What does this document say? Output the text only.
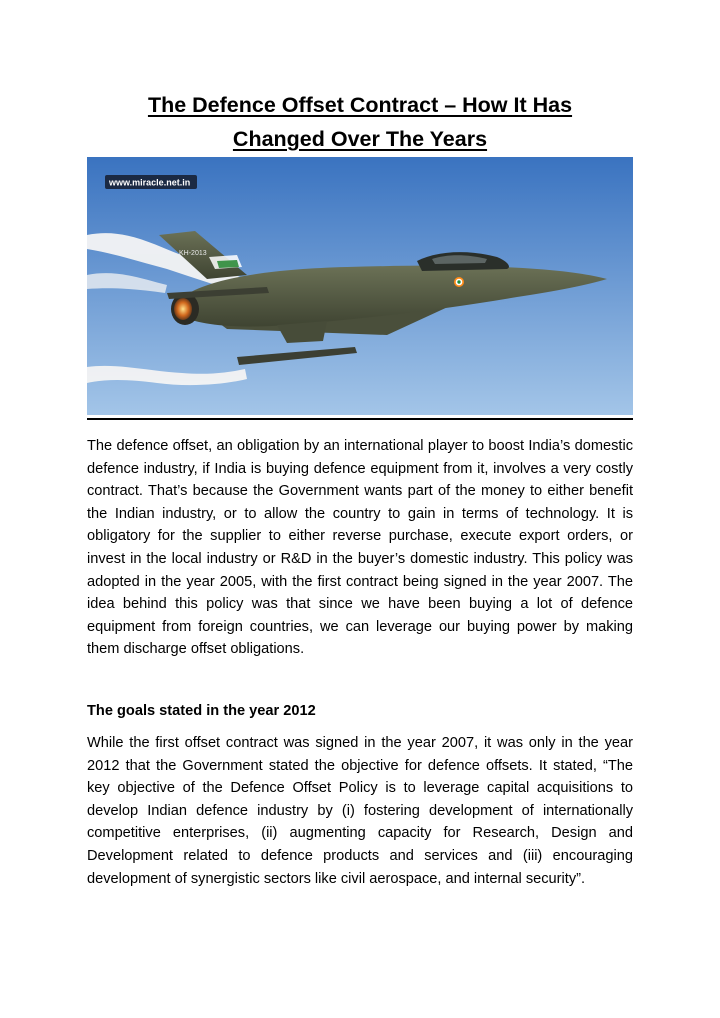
The Defence Offset Contract – How It Has
Changed Over The Years
www.miracle.net.in
KH-2013

The defence offset, an obligation by an international player to boost India’s domestic defence industry, if India is buying defence equipment from it, involves a very costly contract. That’s because the Government wants part of the money to either benefit the Indian industry, or to allow the country to gain in terms of technology. It is obligatory for the supplier to either reverse purchase, execute export orders, or invest in the local industry or R&D in the buyer’s domestic industry. This policy was adopted in the year 2005, with the first contract being signed in the year 2007. The idea behind this policy was that since we have been buying a lot of defence equipment from foreign countries, we can leverage our buying power by making them discharge offset obligations.

The goals stated in the year 2012

While the first offset contract was signed in the year 2007, it was only in the year 2012 that the Government stated the objective for defence offsets. It stated, “The key objective of the Defence Offset Policy is to leverage capital acquisitions to develop Indian defence industry by (i) fostering development of internationally competitive enterprises, (ii) augmenting capacity for Research, Design and Development related to defence products and services and (iii) encouraging development of synergistic sectors like civil aerospace, and internal security”.
